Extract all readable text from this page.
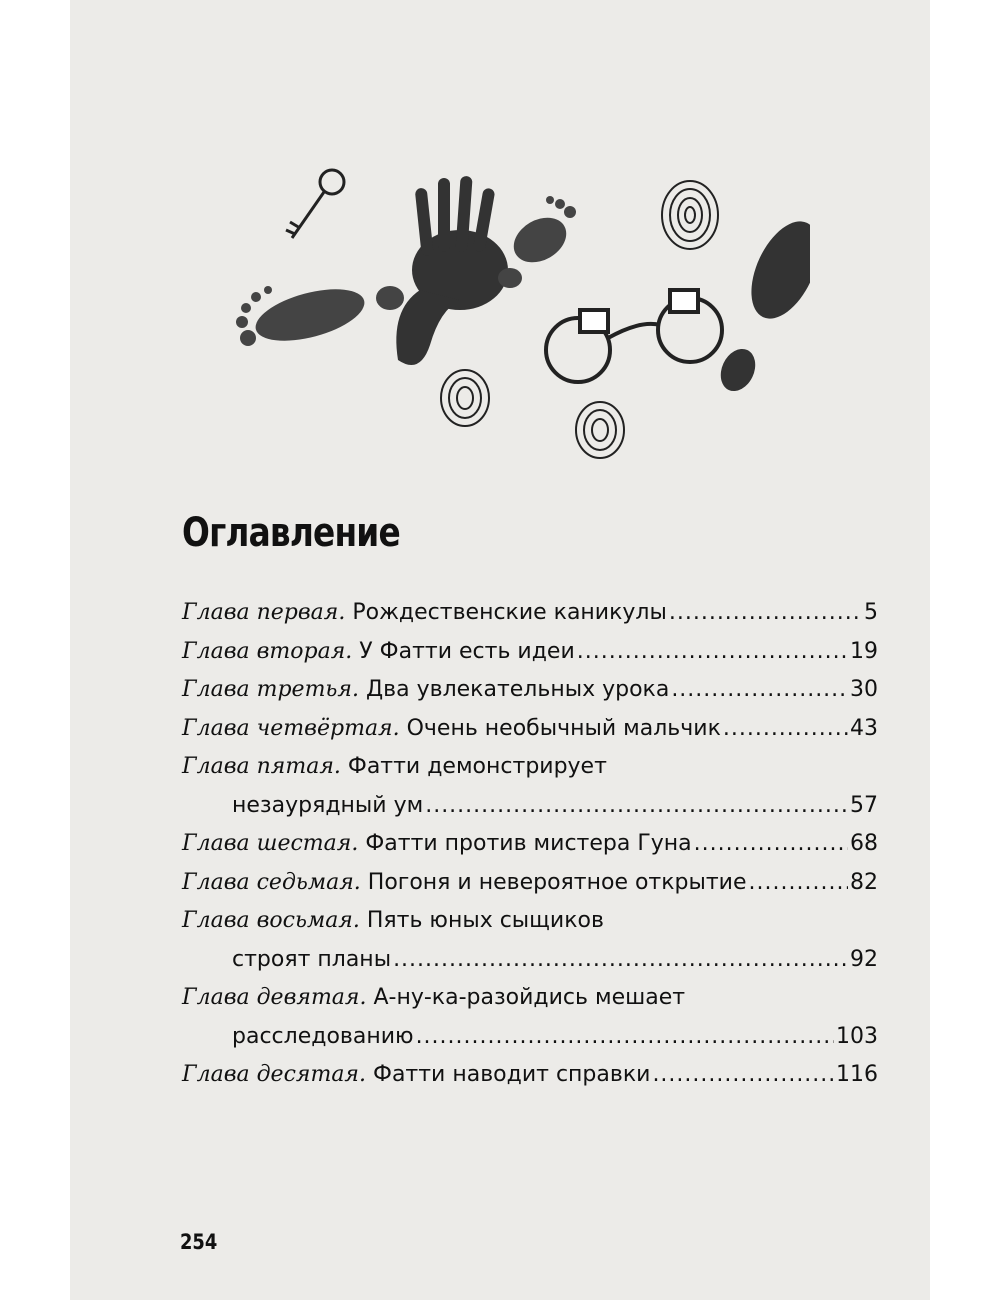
Оглавление
Глава первая. Рождественские каникулы .....	5
Глава вторая. У Фатти есть идеи .....	19
Глава третья. Два увлекательных урока .....	30
Глава четвёртая. Очень необычный мальчик .....	43
Глава пятая. Фатти демонстрирует
незаурядный ум .....	57
Глава шестая. Фатти против мистера Гуна .....	68
Глава седьмая. Погоня и невероятное открытие .....	82
Глава восьмая. Пять юных сыщиков
строят планы .....	92
Глава девятая. А-ну-ка-разойдись мешает
расследованию .....	103
Глава десятая. Фатти наводит справки .....	116
254
